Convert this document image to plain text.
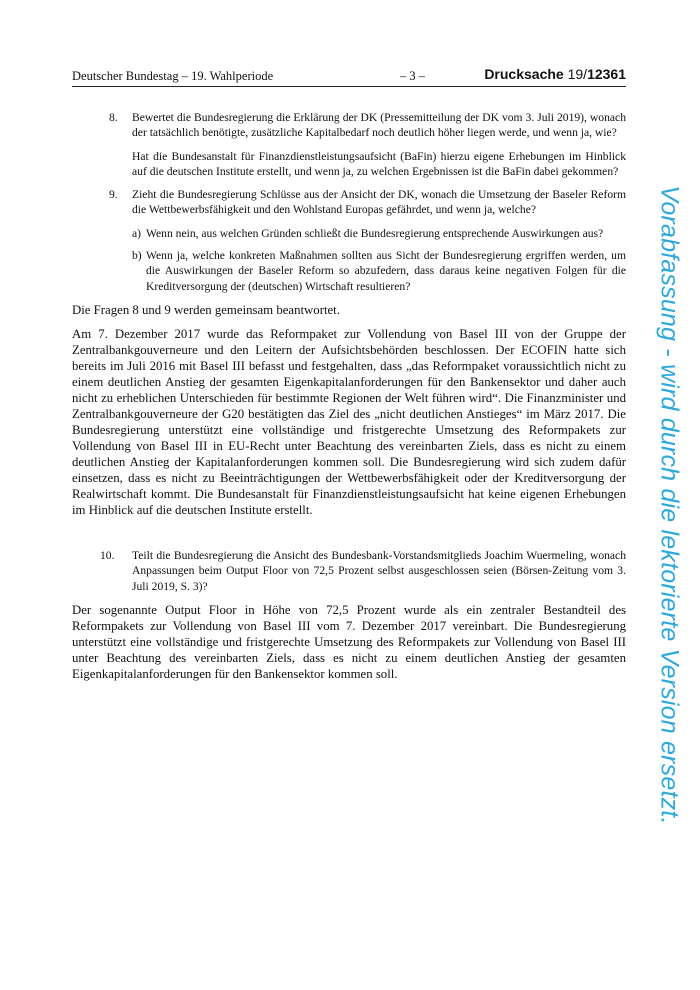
Deutscher Bundestag – 19. Wahlperiode	– 3 –	Drucksache 19/12361
8. Bewertet die Bundesregierung die Erklärung der DK (Pressemitteilung der DK vom 3. Juli 2019), wonach der tatsächlich benötigte, zusätzliche Kapitalbedarf noch deutlich höher liegen werde, und wenn ja, wie?

Hat die Bundesanstalt für Finanzdienstleistungsaufsicht (BaFin) hierzu eigene Erhebungen im Hinblick auf die deutschen Institute erstellt, und wenn ja, zu welchen Ergebnissen ist die BaFin dabei gekommen?

9. Zieht die Bundesregierung Schlüsse aus der Ansicht der DK, wonach die Umsetzung der Baseler Reform die Wettbewerbsfähigkeit und den Wohlstand Europas gefährdet, und wenn ja, welche?

a) Wenn nein, aus welchen Gründen schließt die Bundesregierung entsprechende Auswirkungen aus?
b) Wenn ja, welche konkreten Maßnahmen sollten aus Sicht der Bundesregierung ergriffen werden, um die Auswirkungen der Baseler Reform so abzufedern, dass daraus keine negativen Folgen für die Kreditversorgung der (deutschen) Wirtschaft resultieren?

Die Fragen 8 und 9 werden gemeinsam beantwortet.

Am 7. Dezember 2017 wurde das Reformpaket zur Vollendung von Basel III von der Gruppe der Zentralbankgouverneure und den Leitern der Aufsichtsbehörden beschlossen. Der ECOFIN hatte sich bereits im Juli 2016 mit Basel III befasst und festgehalten, dass „das Reformpaket voraussichtlich nicht zu einem deutlichen Anstieg der gesamten Eigenkapitalanforderungen für den Bankensektor und daher auch nicht zu erheblichen Unterschieden für bestimmte Regionen der Welt führen wird“. Die Finanzminister und Zentralbankgouverneure der G20 bestätigten das Ziel des „nicht deutlichen Anstieges“ im März 2017. Die Bundesregierung unterstützt eine vollständige und fristgerechte Umsetzung des Reformpakets zur Vollendung von Basel III in EU-Recht unter Beachtung des vereinbarten Ziels, dass es nicht zu einem deutlichen Anstieg der Kapitalanforderungen kommen soll. Die Bundesregierung wird sich zudem dafür einsetzen, dass es nicht zu Beeinträchtigungen der Wettbewerbsfähigkeit oder der Kreditversorgung der Realwirtschaft kommt. Die Bundesanstalt für Finanzdienstleistungsaufsicht hat keine eigenen Erhebungen im Hinblick auf die deutschen Institute erstellt.

10. Teilt die Bundesregierung die Ansicht des Bundesbank-Vorstandsmitglieds Joachim Wuermeling, wonach Anpassungen beim Output Floor von 72,5 Prozent selbst ausgeschlossen seien (Börsen-Zeitung vom 3. Juli 2019, S. 3)?

Der sogenannte Output Floor in Höhe von 72,5 Prozent wurde als ein zentraler Bestandteil des Reformpakets zur Vollendung von Basel III vom 7. Dezember 2017 vereinbart. Die Bundesregierung unterstützt eine vollständige und fristgerechte Umsetzung des Reformpakets zur Vollendung von Basel III unter Beachtung des vereinbarten Ziels, dass es nicht zu einem deutlichen Anstieg der gesamten Eigenkapitalanforderungen für den Bankensektor kommen soll.	Vorabfassung - wird durch die lektorierte Version ersetzt.
